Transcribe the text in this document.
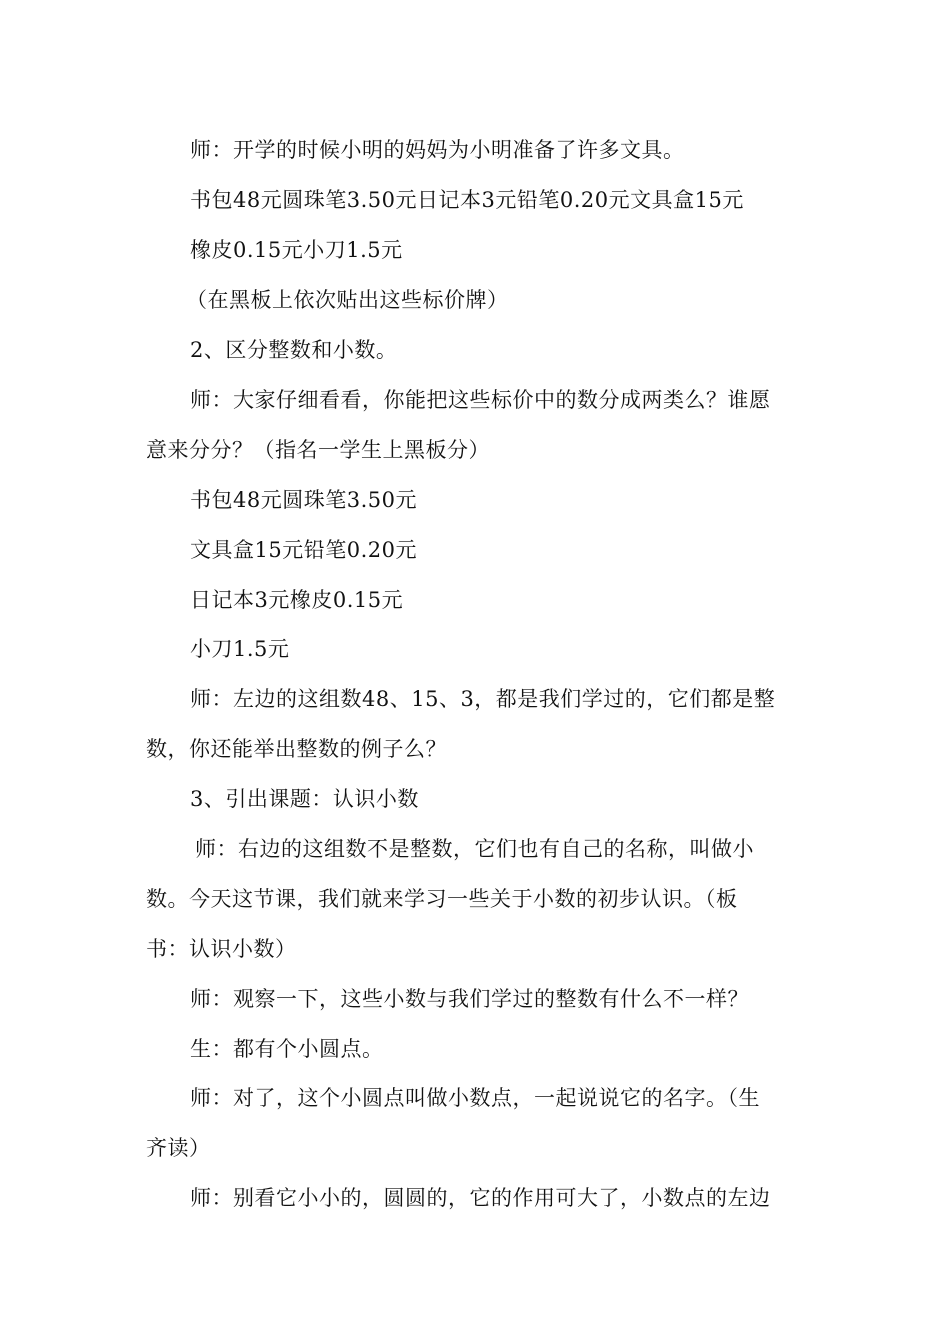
师：开学的时候小明的妈妈为小明准备了许多文具。
书包48元圆珠笔3.50元日记本3元铅笔0.20元文具盒15元
橡皮0.15元小刀1.5元
（在黑板上依次贴出这些标价牌）
2、区分整数和小数。
师：大家仔细看看，你能把这些标价中的数分成两类么？谁愿
意来分分？（指名一学生上黑板分）
书包48元圆珠笔3.50元
文具盒15元铅笔0.20元
日记本3元橡皮0.15元
小刀1.5元
师：左边的这组数48、15、3，都是我们学过的，它们都是整
数，你还能举出整数的例子么？
3、引出课题：认识小数
师：右边的这组数不是整数，它们也有自己的名称，叫做小
数。今天这节课，我们就来学习一些关于小数的初步认识。（板
书：认识小数）
师：观察一下，这些小数与我们学过的整数有什么不一样？
生：都有个小圆点。
师：对了，这个小圆点叫做小数点，一起说说它的名字。（生
齐读）
师：别看它小小的，圆圆的，它的作用可大了，小数点的左边
